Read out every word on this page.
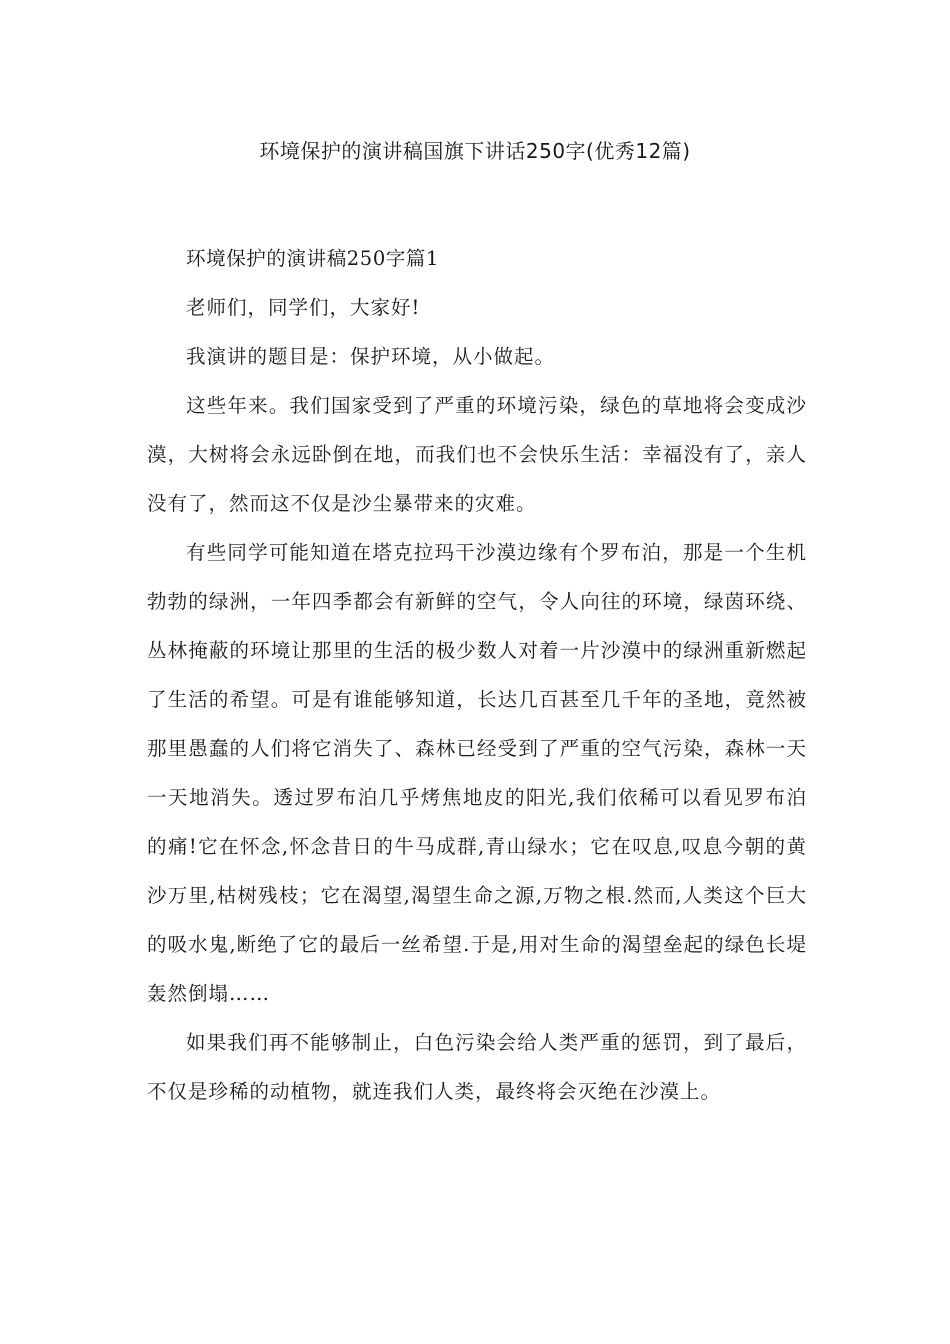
环境保护的演讲稿国旗下讲话250字(优秀12篇)

环境保护的演讲稿250字篇1

老师们，同学们，大家好!

我演讲的题目是：保护环境，从小做起。

这些年来。我们国家受到了严重的环境污染，绿色的草地将会变成沙漠，大树将会永远卧倒在地，而我们也不会快乐生活：幸福没有了，亲人没有了，然而这不仅是沙尘暴带来的灾难。

有些同学可能知道在塔克拉玛干沙漠边缘有个罗布泊，那是一个生机勃勃的绿洲，一年四季都会有新鲜的空气，令人向往的环境，绿茵环绕、丛林掩蔽的环境让那里的生活的极少数人对着一片沙漠中的绿洲重新燃起了生活的希望。可是有谁能够知道，长达几百甚至几千年的圣地，竟然被那里愚蠢的人们将它消失了、森林已经受到了严重的空气污染，森林一天一天地消失。透过罗布泊几乎烤焦地皮的阳光,我们依稀可以看见罗布泊的痛!它在怀念,怀念昔日的牛马成群,青山绿水；它在叹息,叹息今朝的黄沙万里,枯树残枝；它在渴望,渴望生命之源,万物之根.然而,人类这个巨大的吸水鬼,断绝了它的最后一丝希望.于是,用对生命的渴望垒起的绿色长堤轰然倒塌……

如果我们再不能够制止，白色污染会给人类严重的惩罚，到了最后，不仅是珍稀的动植物，就连我们人类，最终将会灭绝在沙漠上。
